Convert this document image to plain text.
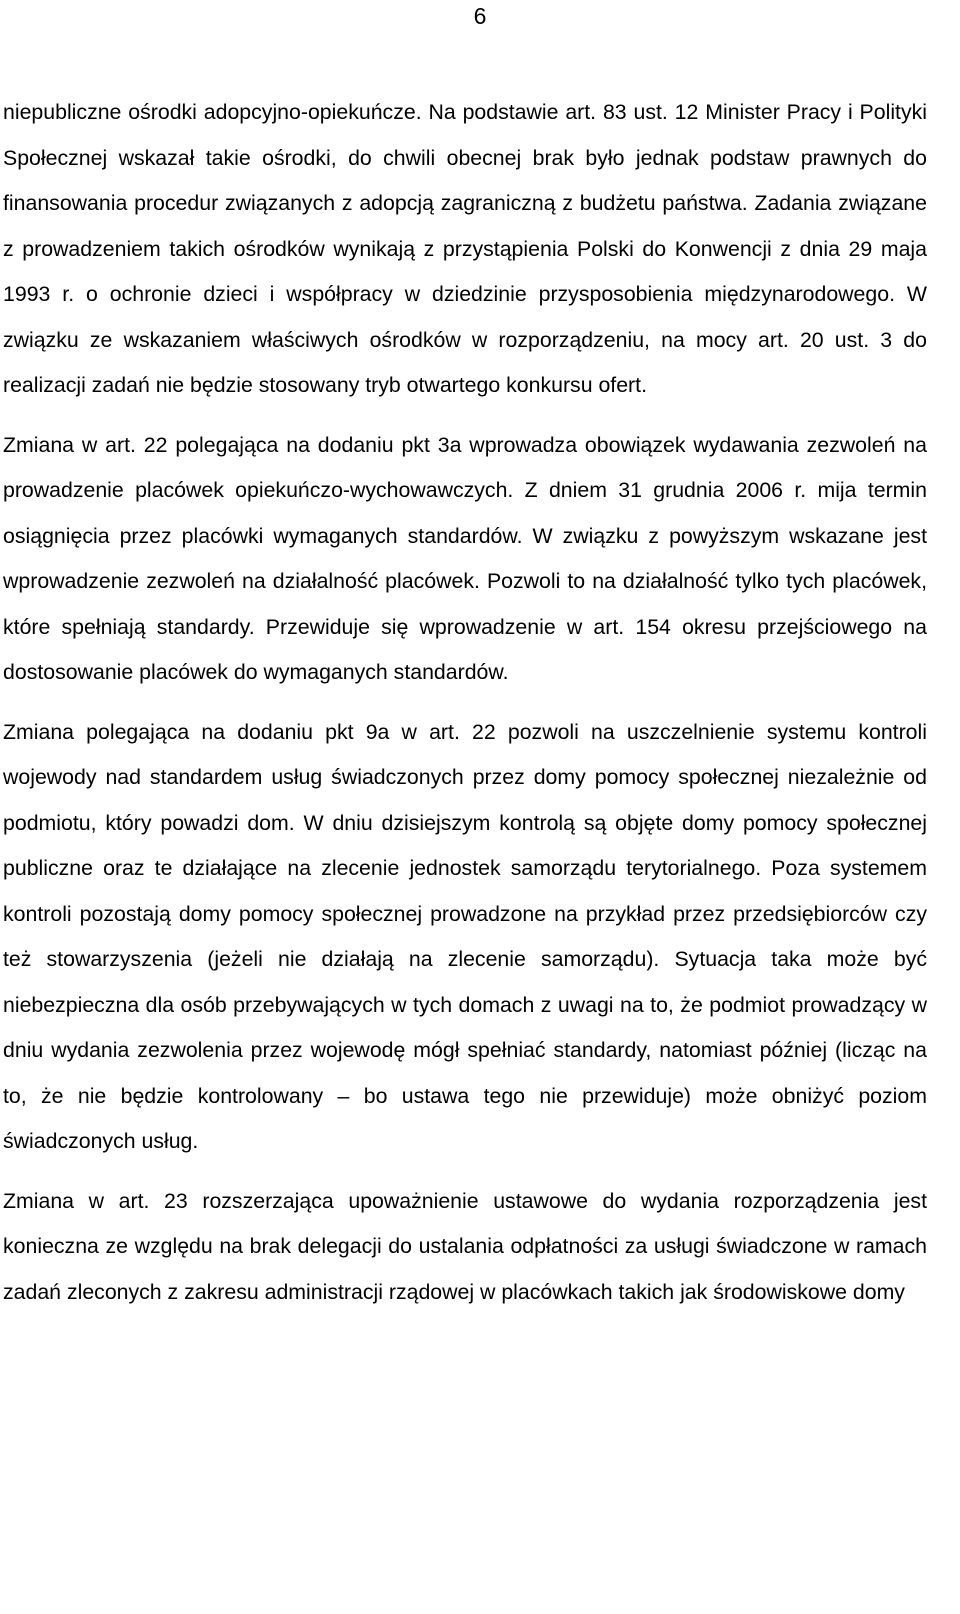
6

niepubliczne ośrodki adopcyjno-opiekuńcze. Na podstawie art. 83 ust. 12 Minister Pracy i Polityki Społecznej wskazał takie ośrodki, do chwili obecnej brak było jednak podstaw prawnych do finansowania procedur związanych z adopcją zagraniczną z budżetu państwa. Zadania związane z prowadzeniem takich ośrodków wynikają z przystąpienia Polski do Konwencji z dnia 29 maja 1993 r. o ochronie dzieci i współpracy w dziedzinie przysposobienia międzynarodowego. W związku ze wskazaniem właściwych ośrodków w rozporządzeniu, na mocy art. 20 ust. 3 do realizacji zadań nie będzie stosowany tryb otwartego konkursu ofert.

Zmiana w art. 22 polegająca na dodaniu pkt 3a wprowadza obowiązek wydawania zezwoleń na prowadzenie placówek opiekuńczo-wychowawczych. Z dniem 31 grudnia 2006 r. mija termin osiągnięcia przez placówki wymaganych standardów. W związku z powyższym wskazane jest wprowadzenie zezwoleń na działalność placówek. Pozwoli to na działalność tylko tych placówek, które spełniają standardy. Przewiduje się wprowadzenie w art. 154 okresu przejściowego na dostosowanie placówek do wymaganych standardów.

Zmiana polegająca na dodaniu pkt 9a w art. 22 pozwoli na uszczelnienie systemu kontroli wojewody nad standardem usług świadczonych przez domy pomocy społecznej niezależnie od podmiotu, który powadzi dom. W dniu dzisiejszym kontrolą są objęte domy pomocy społecznej publiczne oraz te działające na zlecenie jednostek samorządu terytorialnego. Poza systemem kontroli pozostają domy pomocy społecznej prowadzone na przykład przez przedsiębiorców czy też stowarzyszenia (jeżeli nie działają na zlecenie samorządu). Sytuacja taka może być niebezpieczna dla osób przebywających w tych domach z uwagi na to, że podmiot prowadzący w dniu wydania zezwolenia przez wojewodę mógł spełniać standardy, natomiast później (licząc na to, że nie będzie kontrolowany – bo ustawa tego nie przewiduje) może obniżyć poziom świadczonych usług.

Zmiana w art. 23 rozszerzająca upoważnienie ustawowe do wydania rozporządzenia jest konieczna ze względu na brak delegacji do ustalania odpłatności za usługi świadczone w ramach zadań zleconych z zakresu administracji rządowej w placówkach takich jak środowiskowe domy
